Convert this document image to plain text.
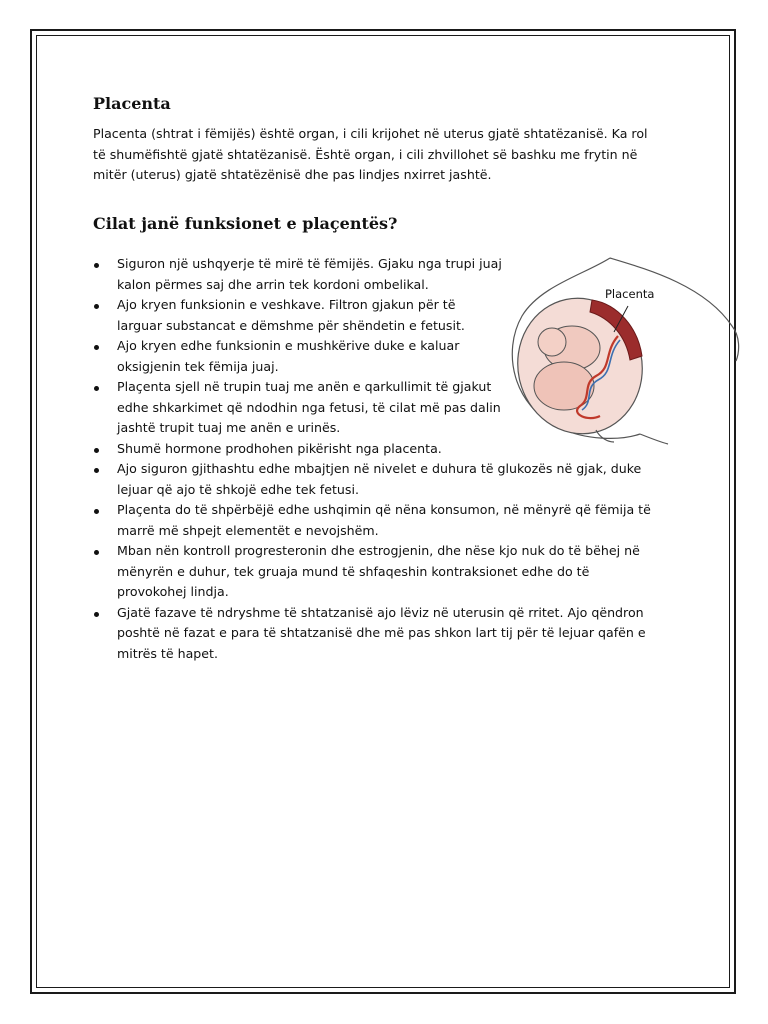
Placenta

Placenta (shtrat i fëmijës) është organ, i cili krijohet në uterus gjatë shtatëzanisë. Ka rol të shumëfishtë gjatë shtatëzanisë. Është organ, i cili zhvillohet së bashku me frytin në mitër (uterus) gjatë shtatëzënisë dhe pas lindjes nxirret jashtë.

Cilat janë funksionet e plaçentës?
Siguron një ushqyerje të mirë të fëmijës. Gjaku nga trupi juaj kalon përmes saj dhe arrin tek kordoni ombelikal.
Ajo kryen funksionin e veshkave. Filtron gjakun për të larguar substancat e dëmshme për shëndetin e fetusit.
Ajo kryen edhe funksionin e mushkërive duke e kaluar oksigjenin tek fëmija juaj.
Plaçenta sjell në trupin tuaj me anën e qarkullimit të gjakut edhe shkarkimet që ndodhin nga fetusi, të cilat më pas dalin jashtë trupit tuaj me anën e urinës.
Shumë hormone prodhohen pikërisht nga placenta.
Ajo siguron gjithashtu edhe mbajtjen në nivelet e duhura të glukozës në gjak, duke lejuar që ajo të shkojë edhe tek fetusi.
Plaçenta do të shpërbëjë edhe ushqimin që nëna konsumon, në mënyrë që fëmija të marrë më shpejt elementët e nevojshëm.
Mban nën kontroll progresteronin dhe estrogjenin, dhe nëse kjo nuk do të bëhej në mënyrën e duhur, tek gruaja mund të shfaqeshin kontraksionet edhe do të provokohej lindja.
Gjatë fazave të ndryshme të shtatzanisë ajo lëviz në uterusin që rritet. Ajo qëndron poshtë në fazat e para të shtatzanisë dhe më pas shkon lart tij për të lejuar qafën e mitrës të hapet.

Placenta
